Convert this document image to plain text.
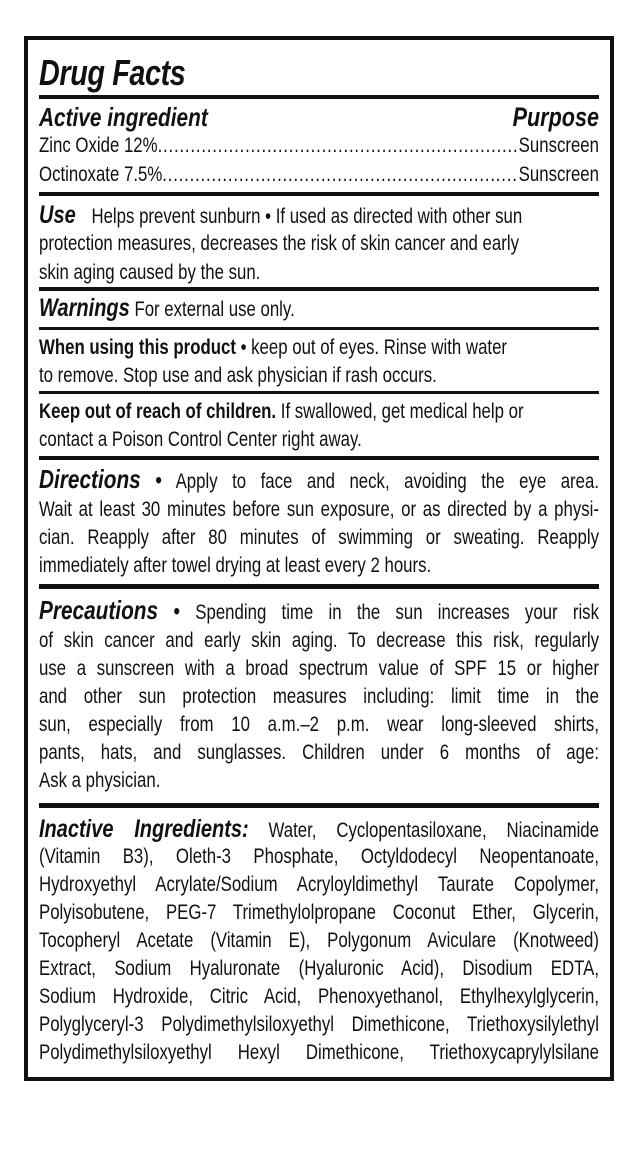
Drug Facts
Active ingredient	Purpose
Zinc Oxide 12% .....	Sunscreen
Octinoxate 7.5% .....	Sunscreen
Use Helps prevent sunburn • If used as directed with other sun
protection measures, decreases the risk of skin cancer and early
skin aging caused by the sun.
Warnings For external use only.
When using this product • keep out of eyes. Rinse with water
to remove. Stop use and ask physician if rash occurs.
Keep out of reach of children. If swallowed, get medical help or
contact a Poison Control Center right away.
Directions • Apply to face and neck, avoiding the eye area.
Wait at least 30 minutes before sun exposure, or as directed by a physi-
cian. Reapply after 80 minutes of swimming or sweating. Reapply
immediately after towel drying at least every 2 hours.
Precautions • Spending time in the sun increases your risk
of skin cancer and early skin aging. To decrease this risk, regularly
use a sunscreen with a broad spectrum value of SPF 15 or higher
and other sun protection measures including: limit time in the
sun, especially from 10 a.m.–2 p.m. wear long-sleeved shirts,
pants, hats, and sunglasses. Children under 6 months of age:
Ask a physician.
Inactive Ingredients: Water, Cyclopentasiloxane, Niacinamide
(Vitamin B3), Oleth-3 Phosphate, Octyldodecyl Neopentanoate,
Hydroxyethyl Acrylate/Sodium Acryloyldimethyl Taurate Copolymer,
Polyisobutene, PEG-7 Trimethylolpropane Coconut Ether, Glycerin,
Tocopheryl Acetate (Vitamin E), Polygonum Aviculare (Knotweed)
Extract, Sodium Hyaluronate (Hyaluronic Acid), Disodium EDTA,
Sodium Hydroxide, Citric Acid, Phenoxyethanol, Ethylhexylglycerin,
Polyglyceryl-3 Polydimethylsiloxyethyl Dimethicone, Triethoxysilylethyl
Polydimethylsiloxyethyl Hexyl Dimethicone, Triethoxycaprylylsilane
